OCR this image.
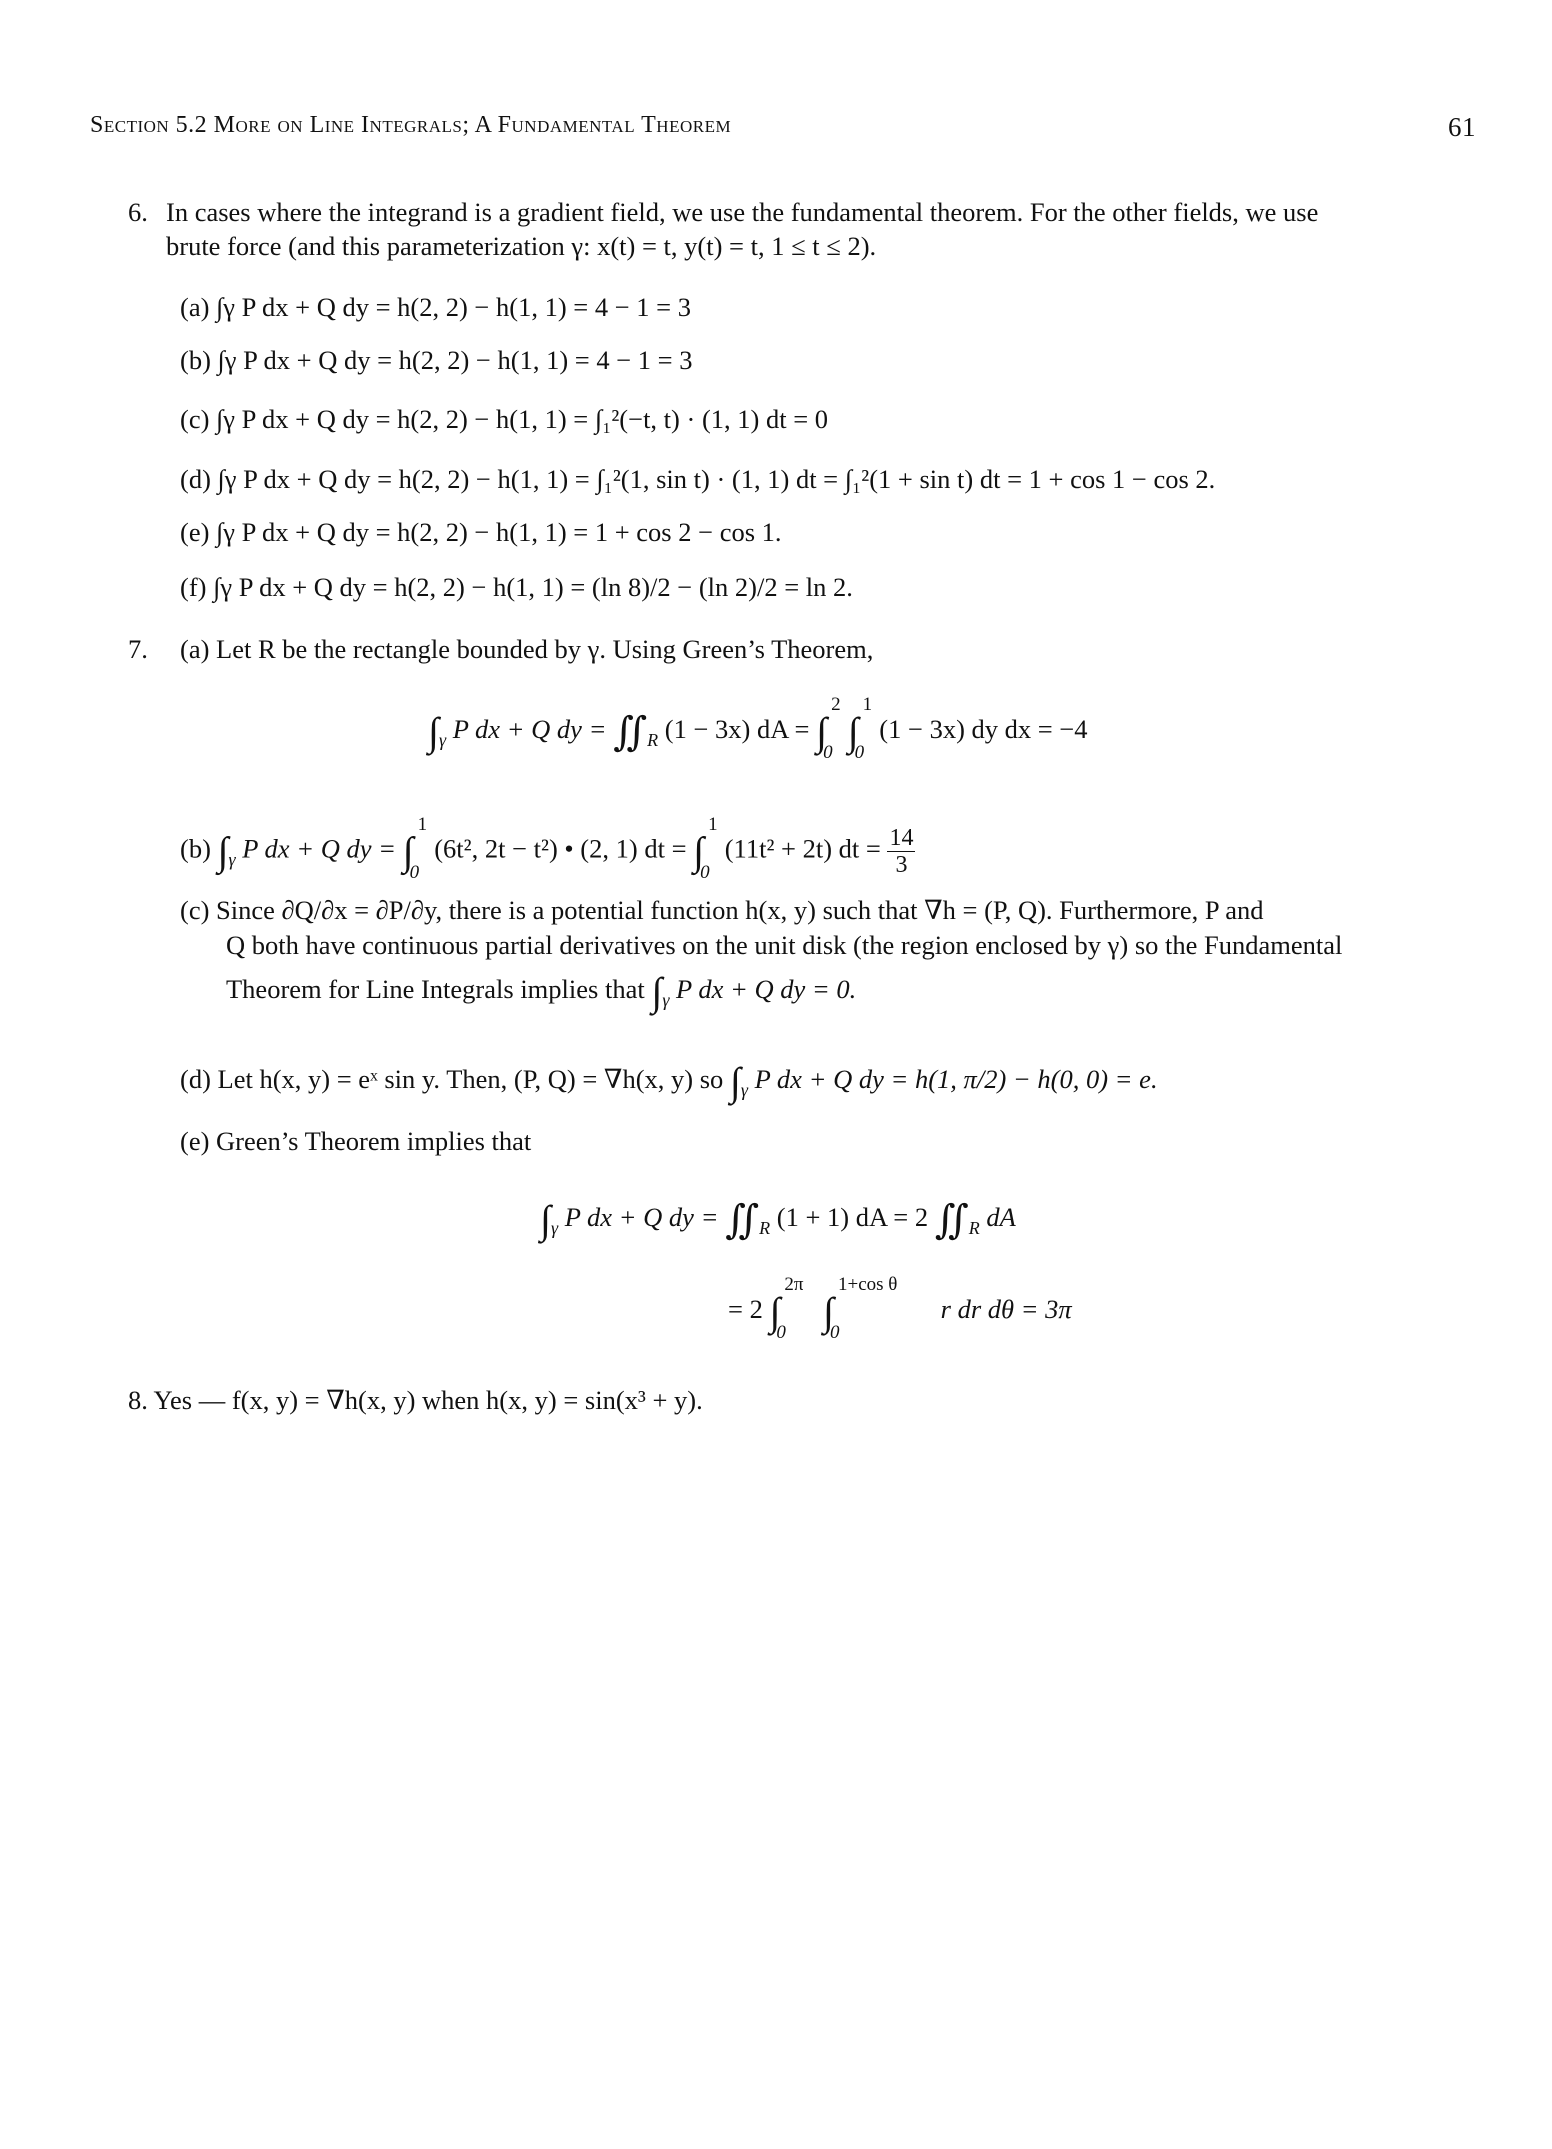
Section 5.2 More on Line Integrals; A Fundamental Theorem	61
6. In cases where the integrand is a gradient field, we use the fundamental theorem. For the other fields, we use
brute force (and this parameterization γ: x(t) = t, y(t) = t, 1 ≤ t ≤ 2).
(a) ∫γ P dx + Q dy = h(2, 2) − h(1, 1) = 4 − 1 = 3
(b) ∫γ P dx + Q dy = h(2, 2) − h(1, 1) = 4 − 1 = 3
(c) ∫γ P dx + Q dy = h(2, 2) − h(1, 1) = ∫₁²(−t, t) · (1, 1) dt = 0
(d) ∫γ P dx + Q dy = h(2, 2) − h(1, 1) = ∫₁²(1, sin t) · (1, 1) dt = ∫₁²(1 + sin t) dt = 1 + cos 1 − cos 2.
(e) ∫γ P dx + Q dy = h(2, 2) − h(1, 1) = 1 + cos 2 − cos 1.
(f) ∫γ P dx + Q dy = h(2, 2) − h(1, 1) = (ln 8)/2 − (ln 2)/2 = ln 2.
7. (a) Let R be the rectangle bounded by γ. Using Green’s Theorem,
$\int_\gamma$ P dx + Q dy = $∬_R$ (1 − 3x) dA = ∫
2
0 ∫
1
0
(1 − 3x) dy dx = −4
(b) $\int_\gamma$ P dx + Q dy = ∫
1
0
(6t², 2t − t²) • (2, 1) dt = ∫
1
0
(11t² + 2t) dt = $\frac{14}{3}$
(c) Since ∂Q/∂x = ∂P/∂y, there is a potential function h(x, y) such that ∇h = (P, Q). Furthermore, P and
Q both have continuous partial derivatives on the unit disk (the region enclosed by γ) so the Fundamental
Theorem for Line Integrals implies that $\int_\gamma$ P dx + Q dy = 0.
(d) Let h(x, y) = eˣ sin y. Then, (P, Q) = ∇h(x, y) so $\int_\gamma$ P dx + Q dy = h(1, π/2) − h(0, 0) = e.
(e) Green’s Theorem implies that
$\int_\gamma$ P dx + Q dy = $∬_R$ (1 + 1) dA = 2 $∬_R$ dA
= 2 ∫
2π
0 ∫
1+cos θ
0
r dr dθ = 3π
8. Yes — f(x, y) = ∇h(x, y) when h(x, y) = sin(x³ + y).
